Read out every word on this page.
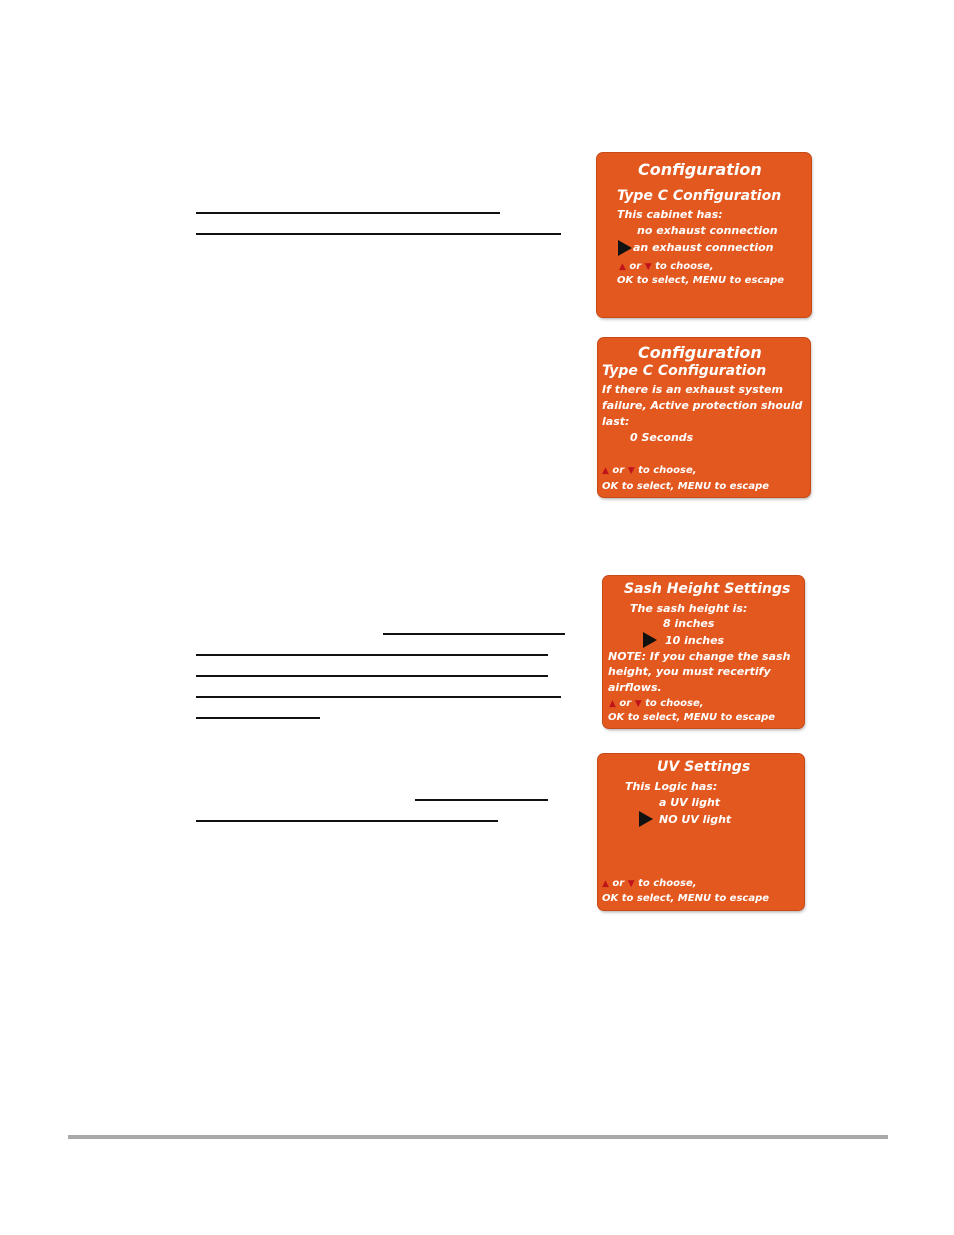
Configuration
Type C Configuration
This cabinet has:
no exhaust connection
an exhaust connection
▲ or ▼ to choose,
OK to select, MENU to escape
Configuration
Type C Configuration
If there is an exhaust system
failure, Active protection should
last:
0 Seconds
▲ or ▼ to choose,
OK to select, MENU to escape
Sash Height Settings
The sash height is:
8 inches
10 inches
NOTE: If you change the sash
height, you must recertify
airflows.
▲ or ▼ to choose,
OK to select, MENU to escape
UV Settings
This Logic has:
a UV light
NO UV light
▲ or ▼ to choose,
OK to select, MENU to escape
